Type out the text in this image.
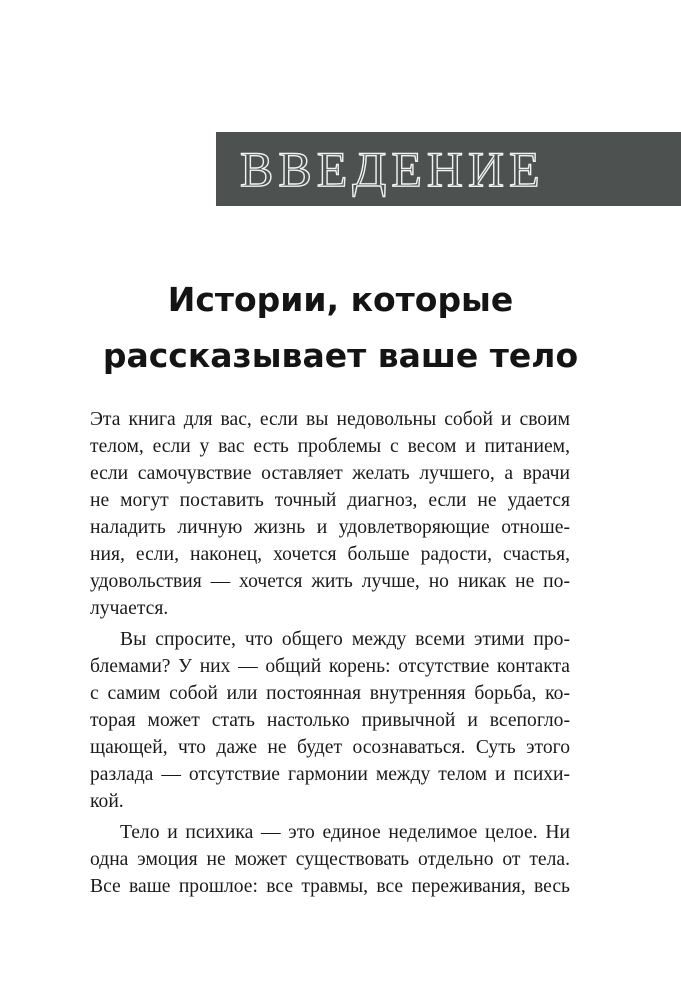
ВВЕДЕНИЕ
Истории, которые
рассказывает ваше тело
Эта книга для вас, если вы недовольны собой и своим
телом, если у вас есть проблемы с весом и питанием,
если самочувствие оставляет желать лучшего, а врачи
не могут поставить точный диагноз, если не удается
наладить личную жизнь и удовлетворяющие отноше-
ния, если, наконец, хочется больше радости, счастья,
удовольствия — хочется жить лучше, но никак не по-
лучается.
Вы спросите, что общего между всеми этими про-
блемами? У них — общий корень: отсутствие контакта
с самим собой или постоянная внутренняя борьба, ко-
торая может стать настолько привычной и всепогло-
щающей, что даже не будет осознаваться. Суть этого
разлада — отсутствие гармонии между телом и психи-
кой.
Тело и психика — это единое неделимое целое. Ни
одна эмоция не может существовать отдельно от тела.
Все ваше прошлое: все травмы, все переживания, весь
